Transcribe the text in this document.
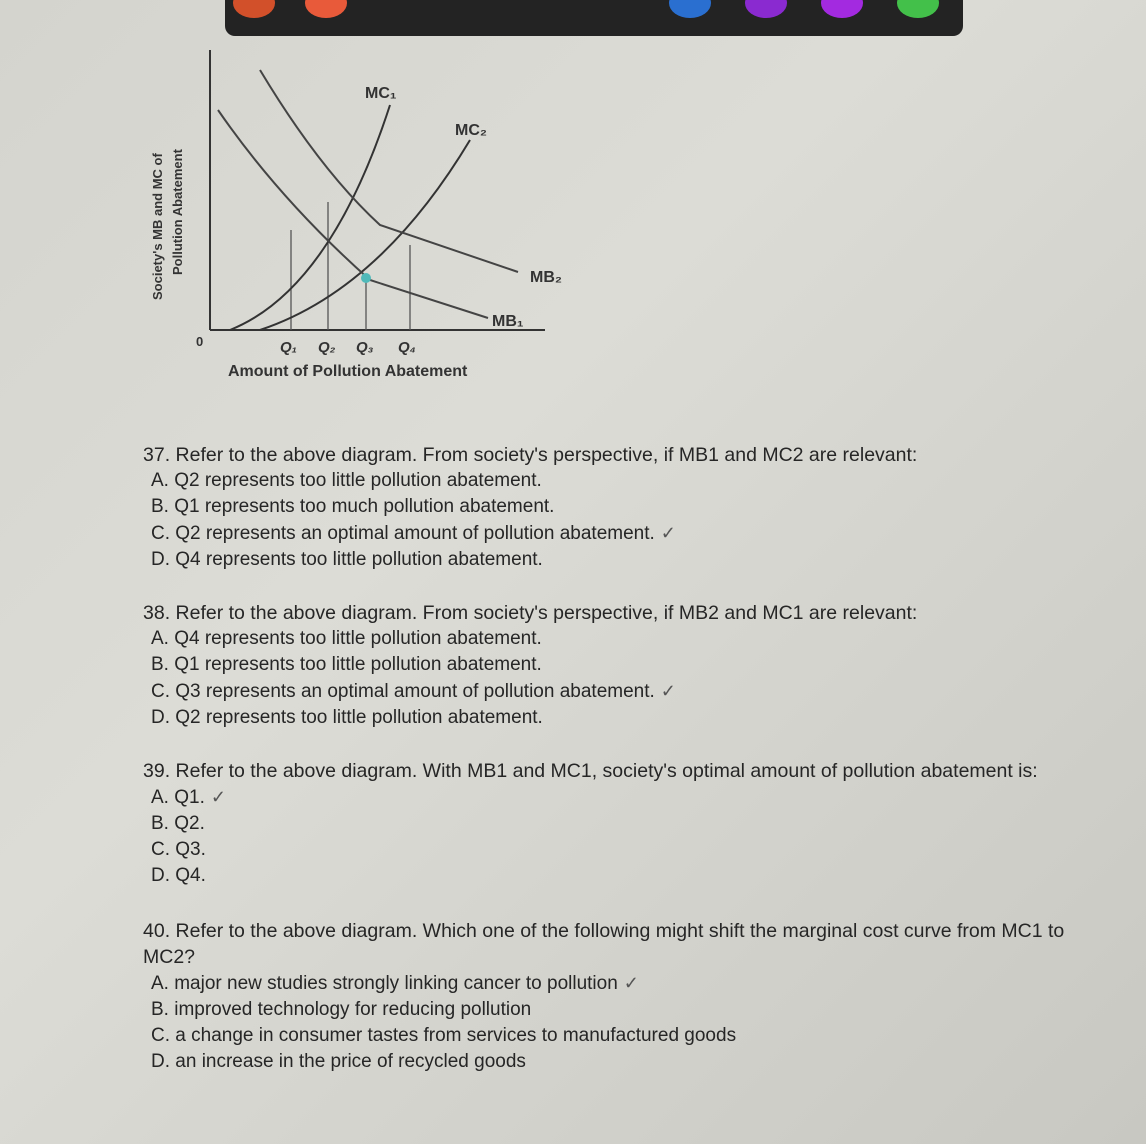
MC₁
MC₂
MB₂
MB₁
0	Q₁ Q₂ Q₃ Q₄
Amount of Pollution Abatement
Society's MB and MC of Pollution Abatement
37. Refer to the above diagram. From society's perspective, if MB1 and MC2 are relevant:
A. Q2 represents too little pollution abatement.
B. Q1 represents too much pollution abatement.
C. Q2 represents an optimal amount of pollution abatement. ✓
D. Q4 represents too little pollution abatement.
38. Refer to the above diagram. From society's perspective, if MB2 and MC1 are relevant:
A. Q4 represents too little pollution abatement.
B. Q1 represents too little pollution abatement.
C. Q3 represents an optimal amount of pollution abatement. ✓
D. Q2 represents too little pollution abatement.
39. Refer to the above diagram. With MB1 and MC1, society's optimal amount of pollution abatement is:
A. Q1. ✓
B. Q2.
C. Q3.
D. Q4.
40. Refer to the above diagram. Which one of the following might shift the marginal cost curve from MC1 to
MC2?
A. major new studies strongly linking cancer to pollution ✓
B. improved technology for reducing pollution
C. a change in consumer tastes from services to manufactured goods
D. an increase in the price of recycled goods
